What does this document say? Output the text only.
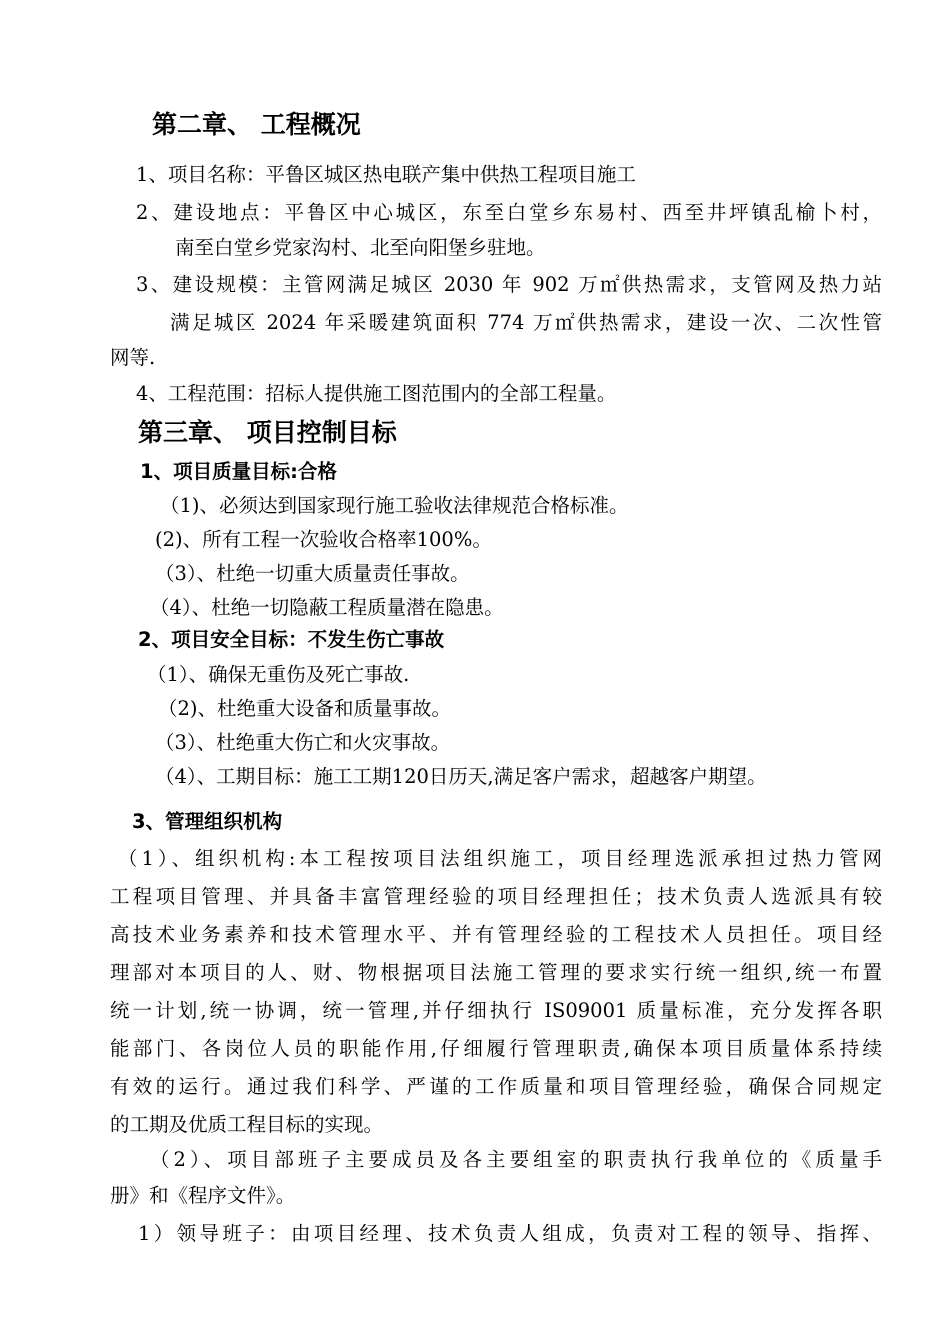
第二章、 工程概况
1、项目名称：平鲁区城区热电联产集中供热工程项目施工
2、建设地点：平鲁区中心城区，东至白堂乡东易村、西至井坪镇乱榆卜村，
南至白堂乡党家沟村、北至向阳堡乡驻地。
3、建设规模：主管网满足城区 2030 年 902 万㎡供热需求，支管网及热力站
满足城区 2024 年采暖建筑面积 774 万㎡供热需求，建设一次、二次性管
网等.
4、工程范围：招标人提供施工图范围内的全部工程量。
第三章、 项目控制目标
1、项目质量目标:合格
（1)、必须达到国家现行施工验收法律规范合格标准。
(2)、所有工程一次验收合格率100%。
（3）、杜绝一切重大质量责任事故。
（4）、杜绝一切隐蔽工程质量潜在隐患。
2、项目安全目标：不发生伤亡事故
（1）、确保无重伤及死亡事故.
（2)、杜绝重大设备和质量事故。
（3）、杜绝重大伤亡和火灾事故。
（4）、工期目标：施工工期120日历天,满足客户需求，超越客户期望。
3、管理组织机构
（1）、组织机构:本工程按项目法组织施工，项目经理选派承担过热力管网
工程项目管理、并具备丰富管理经验的项目经理担任；技术负责人选派具有较
高技术业务素养和技术管理水平、并有管理经验的工程技术人员担任。项目经
理部对本项目的人、财、物根据项目法施工管理的要求实行统一组织,统一布置
统一计划,统一协调，统一管理,并仔细执行 IS09001 质量标准，充分发挥各职
能部门、各岗位人员的职能作用,仔细履行管理职责,确保本项目质量体系持续
有效的运行。通过我们科学、严谨的工作质量和项目管理经验，确保合同规定
的工期及优质工程目标的实现。
（2）、项目部班子主要成员及各主要组室的职责执行我单位的《质量手
册》和《程序文件》。
1）领导班子：由项目经理、技术负责人组成，负责对工程的领导、指挥、
